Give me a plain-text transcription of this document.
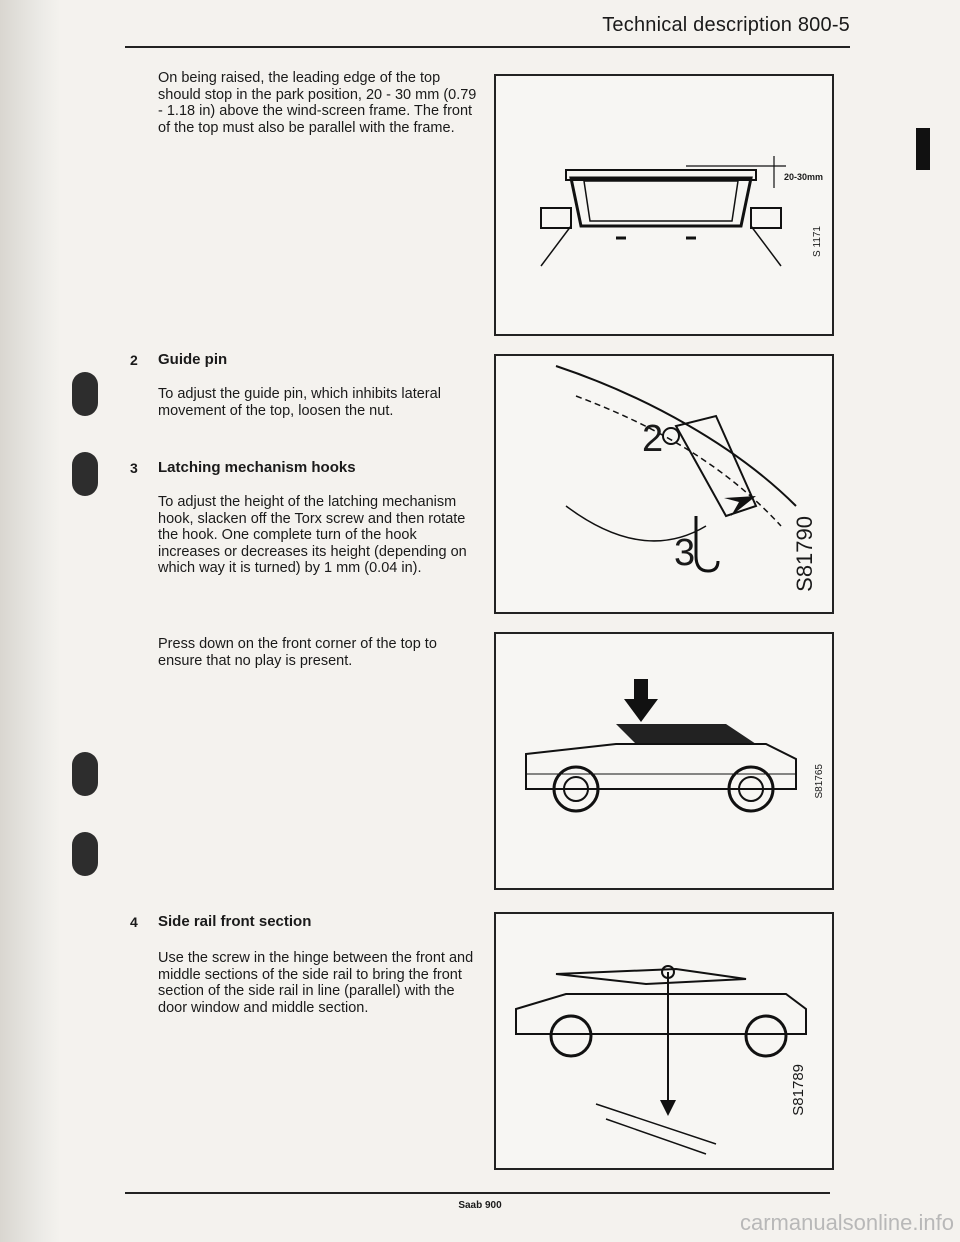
Technical description 800-5
On being raised, the leading edge of the top should stop in the park position, 20 - 30 mm (0.79 - 1.18 in) above the wind-screen frame. The front of the top must also be parallel with the frame.
2 Guide pin
To adjust the guide pin, which inhibits lateral movement of the top, loosen the nut.
3 Latching mechanism hooks
To adjust the height of the latching mechanism hook, slacken off the Torx screw and then rotate the hook. One complete turn of the hook increases or decreases its height (depending on which way it is turned) by 1 mm (0.04 in).
Press down on the front corner of the top to ensure that no play is present.
4 Side rail front section
Use the screw in the hinge between the front and middle sections of the side rail to bring the front section of the side rail in line (parallel) with the door window and middle section.
20-30mm
S 1171
2
3	S81790
S81765
S81789
Saab 900
carmanualsonline.info
